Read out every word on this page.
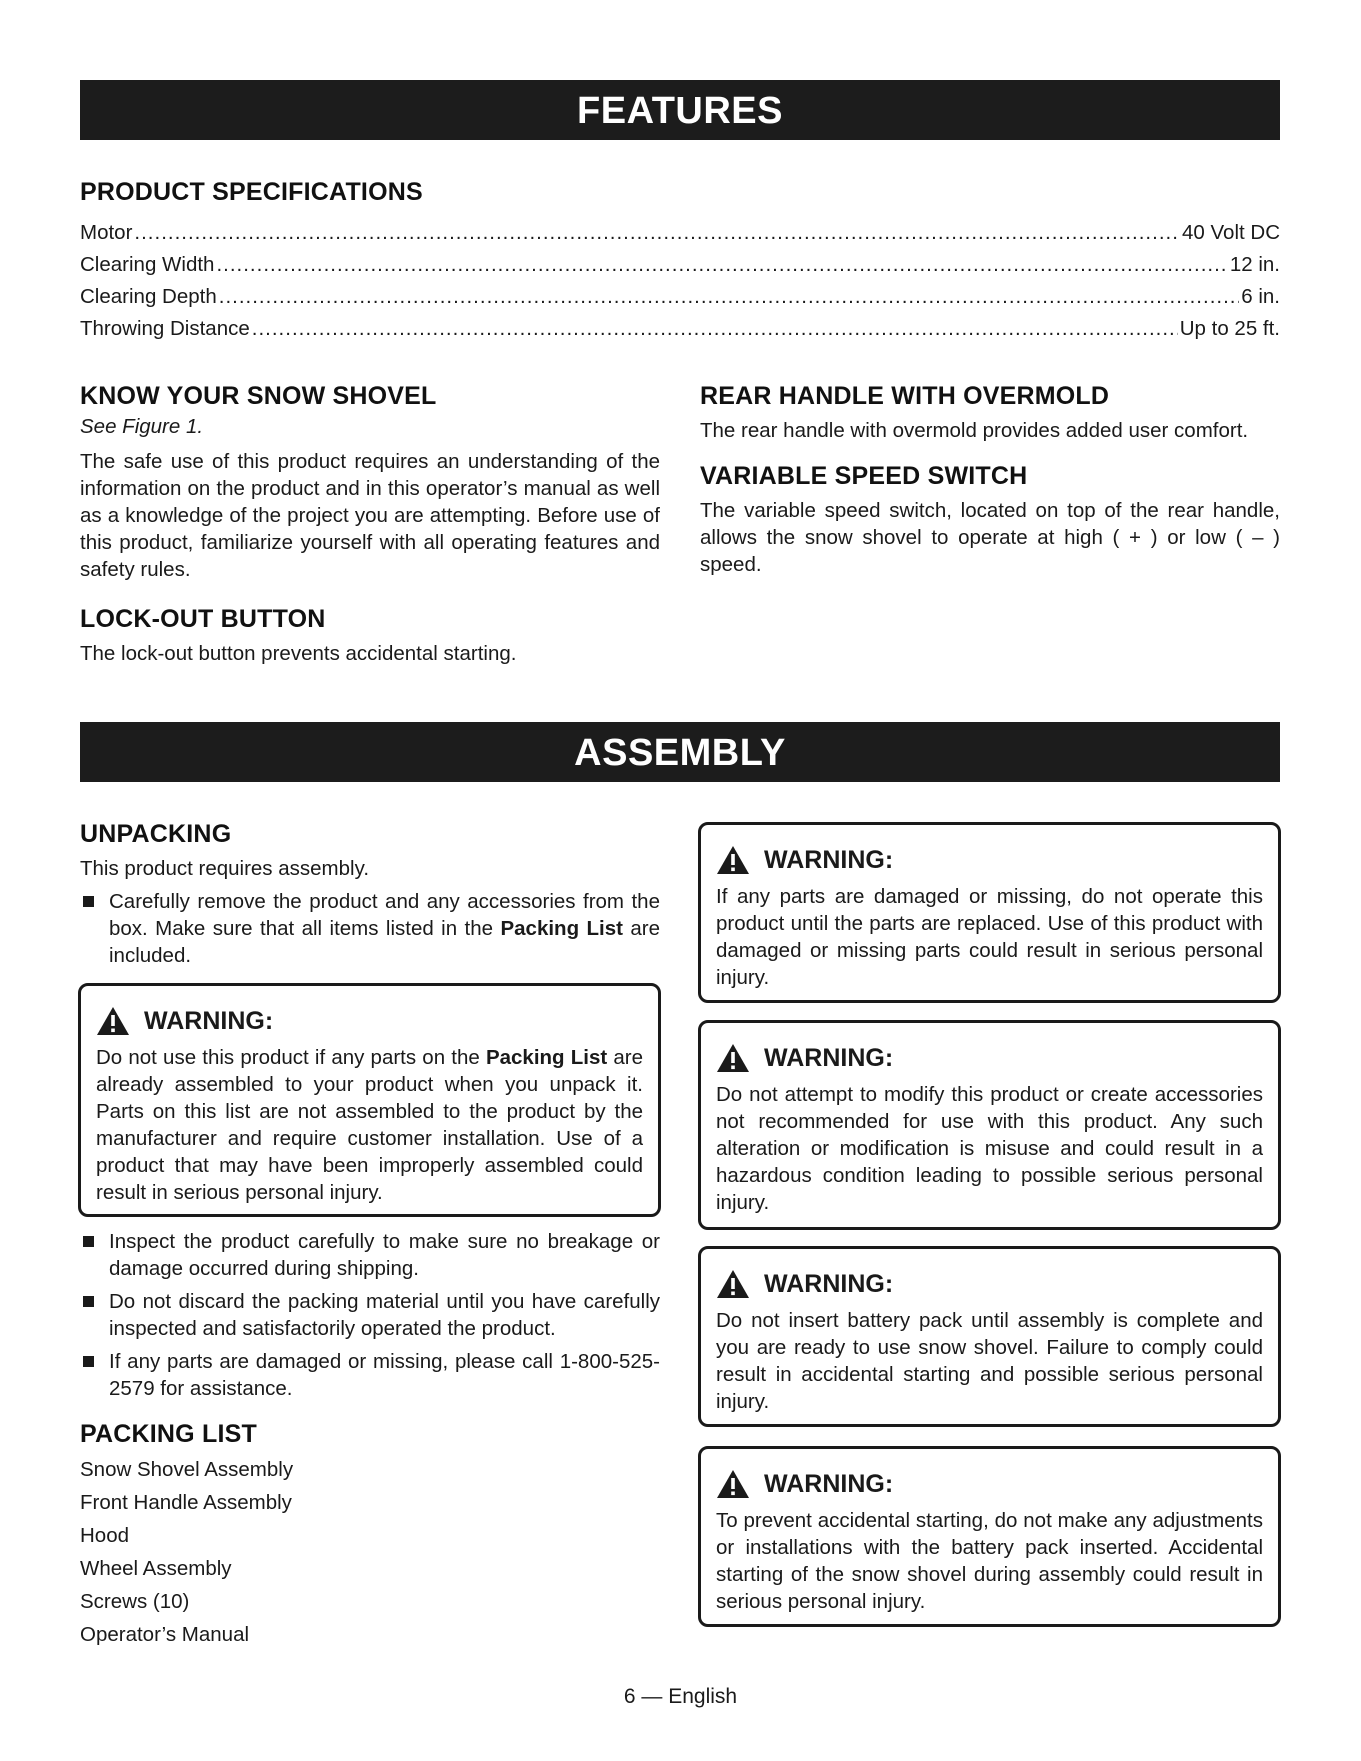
FEATURES
PRODUCT SPECIFICATIONS
Motor .....	40 Volt DC
Clearing Width .....	12 in.
Clearing Depth .....	6 in.
Throwing Distance .....	Up to 25 ft.
KNOW YOUR SNOW SHOVEL

See Figure 1.

The safe use of this product requires an understanding of the information on the product and in this operator’s manual as well as a knowledge of the project you are attempting. Before use of this product, familiarize yourself with all operating features and safety rules.

LOCK-OUT BUTTON

The lock-out button prevents accidental starting.

REAR HANDLE WITH OVERMOLD

The rear handle with overmold provides added user comfort.

VARIABLE SPEED SWITCH

The variable speed switch, located on top of the rear handle, allows the snow shovel to operate at high ( + ) or low ( – ) speed.

ASSEMBLY
UNPACKING

This product requires assembly.

Carefully remove the product and any accessories from the box. Make sure that all items listed in the Packing List are included.
WARNING:

Do not use this product if any parts on the Packing List are already assembled to your product when you unpack it. Parts on this list are not assembled to the product by the manufacturer and require customer installation. Use of a product that may have been improperly assembled could result in serious personal injury.

Inspect the product carefully to make sure no breakage or damage occurred during shipping.
Do not discard the packing material until you have carefully inspected and satisfactorily operated the product.
If any parts are damaged or missing, please call 1-800-525-2579 for assistance.
PACKING LIST
Snow Shovel Assembly
Front Handle Assembly
Hood
Wheel Assembly
Screws (10)
Operator’s Manual
WARNING:

If any parts are damaged or missing, do not operate this product until the parts are replaced. Use of this product with damaged or missing parts could result in serious personal injury.

WARNING:

Do not attempt to modify this product or create accessories not recommended for use with this product. Any such alteration or modification is misuse and could result in a hazardous condition leading to possible serious personal injury.

WARNING:

Do not insert battery pack until assembly is complete and you are ready to use snow shovel. Failure to comply could result in accidental starting and possible serious personal injury.

WARNING:

To prevent accidental starting, do not make any adjustments or installations with the battery pack inserted. Accidental starting of the snow shovel during assembly could result in serious personal injury.

6 — English
